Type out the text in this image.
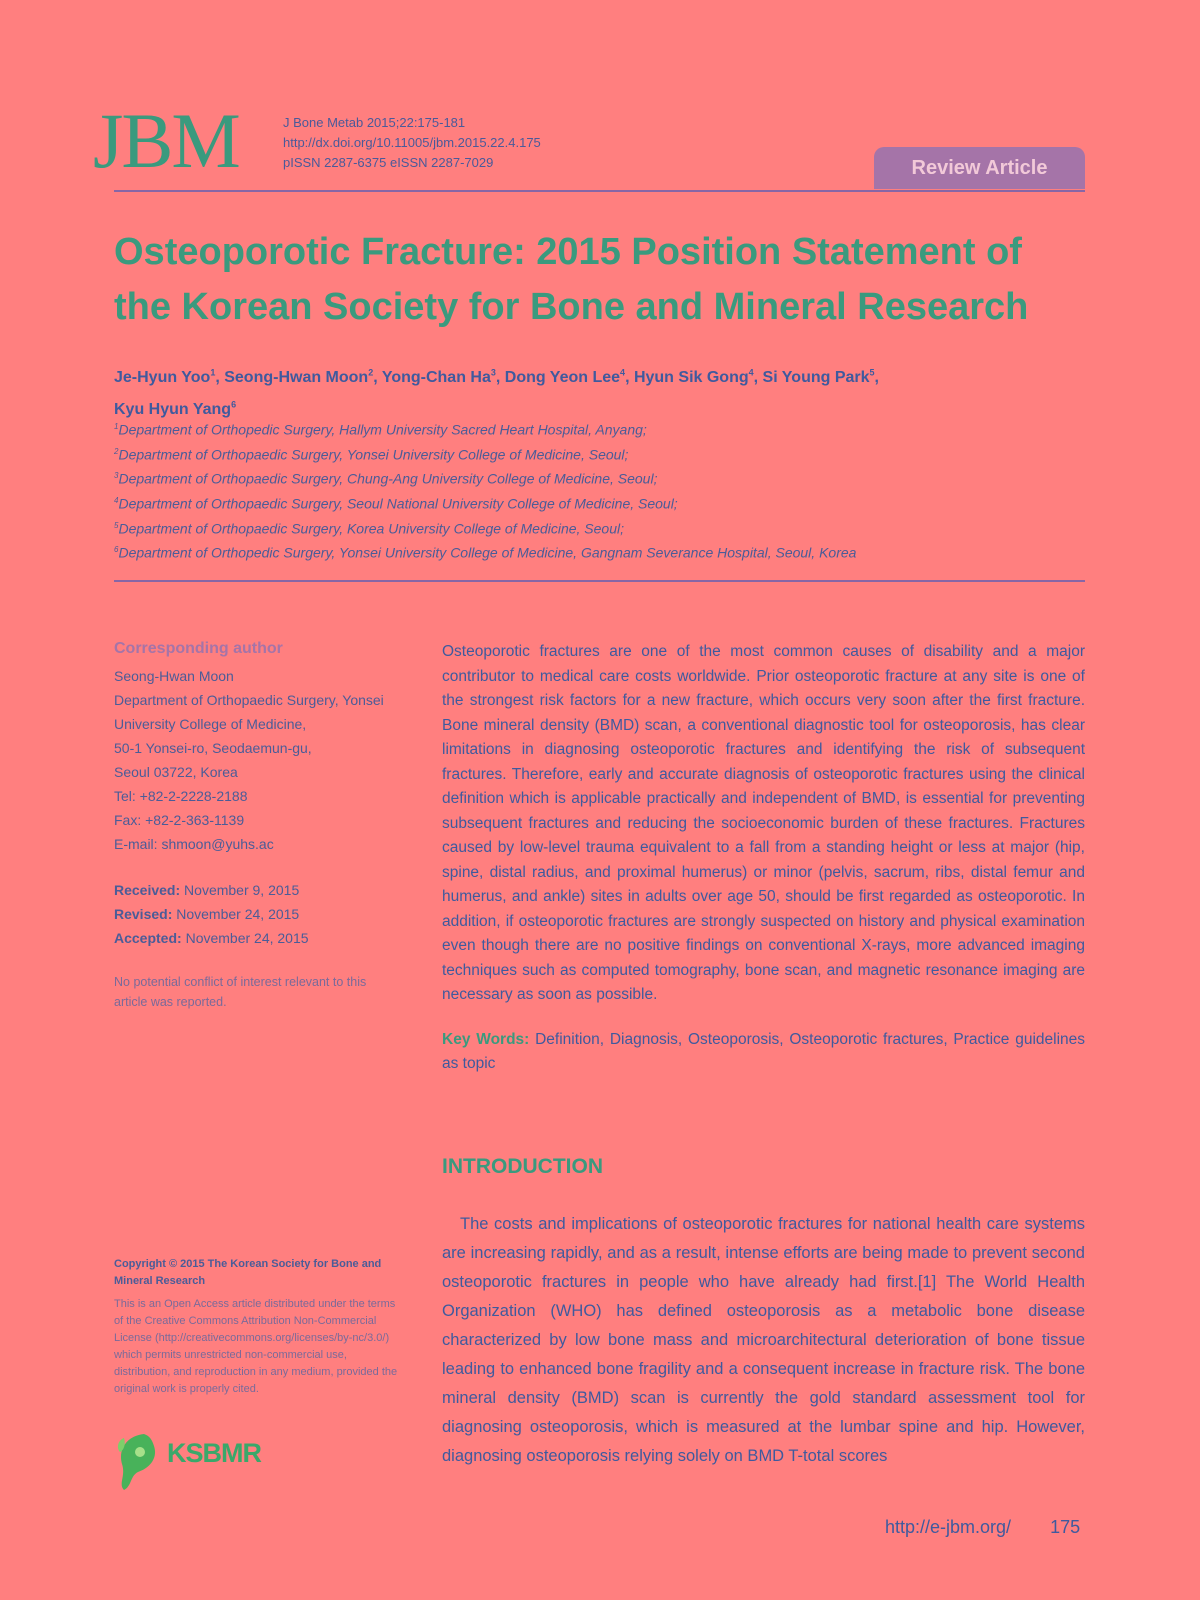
JBM	J Bone Metab 2015;22:175-181
http://dx.doi.org/10.11005/jbm.2015.22.4.175
pISSN 2287-6375 eISSN 2287-7029	Review Article
Osteoporotic Fracture: 2015 Position Statement of
the Korean Society for Bone and Mineral Research
Je-Hyun Yoo$^1$, Seong-Hwan Moon$^2$, Yong-Chan Ha$^3$, Dong Yeon Lee$^4$, Hyun Sik Gong$^4$, Si Young Park$^5$,
Kyu Hyun Yang$^6$
$^1$Department of Orthopedic Surgery, Hallym University Sacred Heart Hospital, Anyang;
$^2$Department of Orthopaedic Surgery, Yonsei University College of Medicine, Seoul;
$^3$Department of Orthopaedic Surgery, Chung-Ang University College of Medicine, Seoul;
$^4$Department of Orthopaedic Surgery, Seoul National University College of Medicine, Seoul;
$^5$Department of Orthopaedic Surgery, Korea University College of Medicine, Seoul;
$^6$Department of Orthopedic Surgery, Yonsei University College of Medicine, Gangnam Severance Hospital, Seoul, Korea
Corresponding author
Seong-Hwan Moon
Department of Orthopaedic Surgery, Yonsei
University College of Medicine,
50-1 Yonsei-ro, Seodaemun-gu,
Seoul 03722, Korea
Tel: +82-2-2228-2188
Fax: +82-2-363-1139
E-mail: shmoon@yuhs.ac
Received: November 9, 2015
Revised: November 24, 2015
Accepted: November 24, 2015
No potential conflict of interest relevant to this article was reported.
Copyright © 2015 The Korean Society for Bone and Mineral Research
This is an Open Access article distributed under the terms of the Creative Commons Attribution Non-Commercial License (http://creativecommons.org/licenses/by-nc/3.0/) which permits unrestricted non-commercial use, distribution, and reproduction in any medium, provided the original work is properly cited.
KSBMR

Osteoporotic fractures are one of the most common causes of disability and a major contributor to medical care costs worldwide. Prior osteoporotic fracture at any site is one of the strongest risk factors for a new fracture, which occurs very soon after the first fracture. Bone mineral density (BMD) scan, a conventional diagnostic tool for osteoporosis, has clear limitations in diagnosing osteoporotic fractures and identifying the risk of subsequent fractures. Therefore, early and accurate diagnosis of osteoporotic fractures using the clinical definition which is applicable practically and independent of BMD, is essential for preventing subsequent fractures and reducing the socioeconomic burden of these fractures. Fractures caused by low-level trauma equivalent to a fall from a standing height or less at major (hip, spine, distal radius, and proximal humerus) or minor (pelvis, sacrum, ribs, distal femur and humerus, and ankle) sites in adults over age 50, should be first regarded as osteoporotic. In addition, if osteoporotic fractures are strongly suspected on history and physical examination even though there are no positive findings on conventional X-rays, more advanced imaging techniques such as computed tomography, bone scan, and magnetic resonance imaging are necessary as soon as possible.

Key Words: Definition, Diagnosis, Osteoporosis, Osteoporotic fractures, Practice guidelines as topic
INTRODUCTION

The costs and implications of osteoporotic fractures for national health care systems are increasing rapidly, and as a result, intense efforts are being made to prevent second osteoporotic fractures in people who have already had first.[1] The World Health Organization (WHO) has defined osteoporosis as a metabolic bone disease characterized by low bone mass and microarchitectural deterioration of bone tissue leading to enhanced bone fragility and a consequent increase in fracture risk. The bone mineral density (BMD) scan is currently the gold standard assessment tool for diagnosing osteoporosis, which is measured at the lumbar spine and hip. However, diagnosing osteoporosis relying solely on BMD T-total scores

http://e-jbm.org/ 175
